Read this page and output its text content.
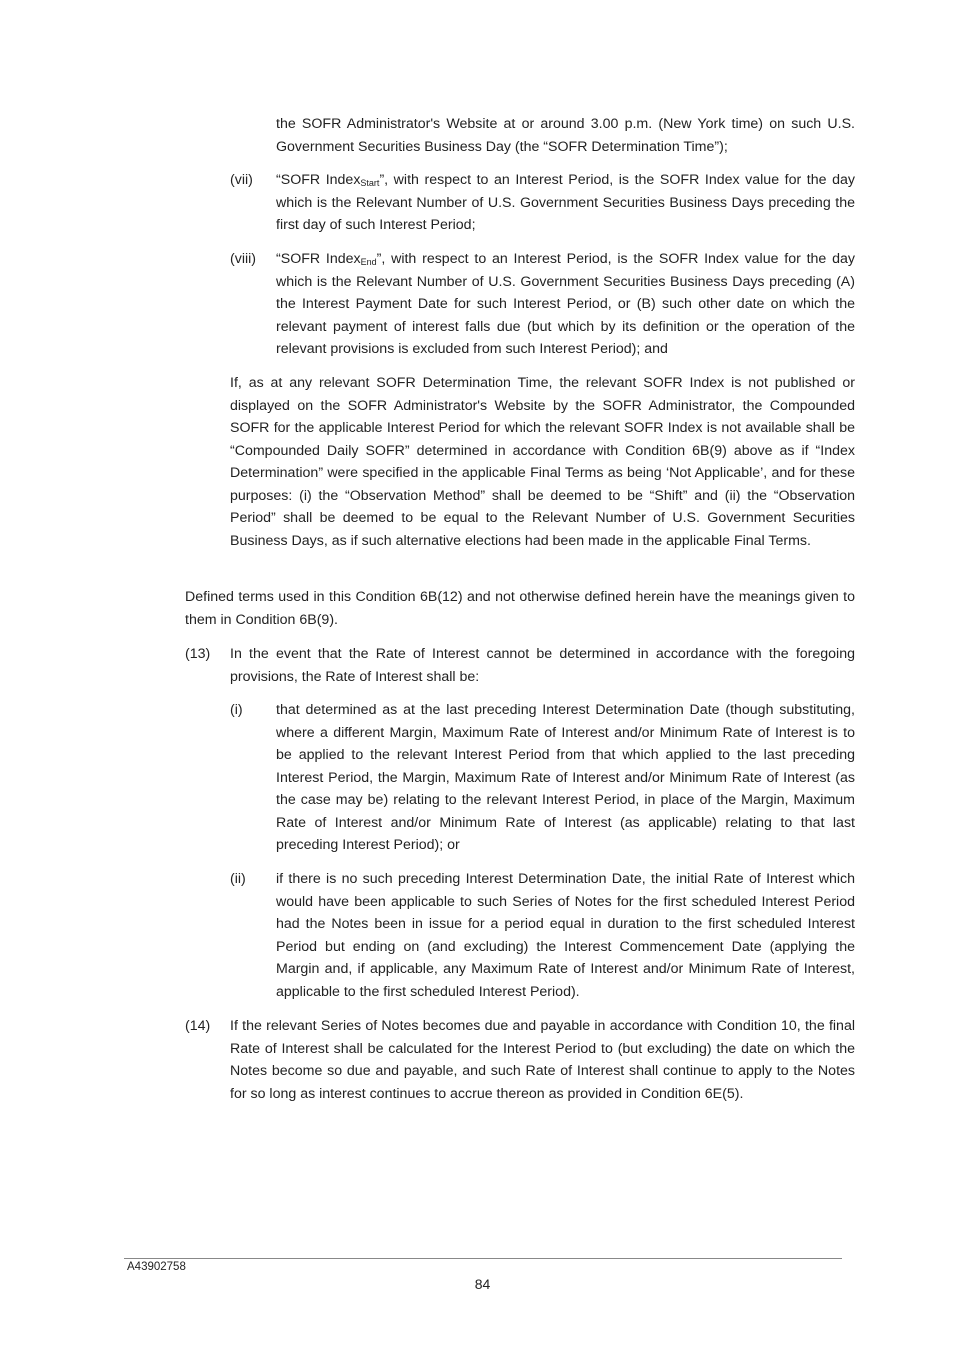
the SOFR Administrator's Website at or around 3.00 p.m. (New York time) on such U.S. Government Securities Business Day (the “SOFR Determination Time”);

(vii) “SOFR Index$_{Start}$”, with respect to an Interest Period, is the SOFR Index value for the day which is the Relevant Number of U.S. Government Securities Business Days preceding the first day of such Interest Period;

(viii) “SOFR Index$_{End}$”, with respect to an Interest Period, is the SOFR Index value for the day which is the Relevant Number of U.S. Government Securities Business Days preceding (A) the Interest Payment Date for such Interest Period, or (B) such other date on which the relevant payment of interest falls due (but which by its definition or the operation of the relevant provisions is excluded from such Interest Period); and

If, as at any relevant SOFR Determination Time, the relevant SOFR Index is not published or displayed on the SOFR Administrator's Website by the SOFR Administrator, the Compounded SOFR for the applicable Interest Period for which the relevant SOFR Index is not available shall be “Compounded Daily SOFR” determined in accordance with Condition 6B(9) above as if “Index Determination” were specified in the applicable Final Terms as being ‘Not Applicable’, and for these purposes: (i) the “Observation Method” shall be deemed to be “Shift” and (ii) the “Observation Period” shall be deemed to be equal to the Relevant Number of U.S. Government Securities Business Days, as if such alternative elections had been made in the applicable Final Terms.

Defined terms used in this Condition 6B(12) and not otherwise defined herein have the meanings given to them in Condition 6B(9).

(13) In the event that the Rate of Interest cannot be determined in accordance with the foregoing provisions, the Rate of Interest shall be:

(i) that determined as at the last preceding Interest Determination Date (though substituting, where a different Margin, Maximum Rate of Interest and/or Minimum Rate of Interest is to be applied to the relevant Interest Period from that which applied to the last preceding Interest Period, the Margin, Maximum Rate of Interest and/or Minimum Rate of Interest (as the case may be) relating to the relevant Interest Period, in place of the Margin, Maximum Rate of Interest and/or Minimum Rate of Interest (as applicable) relating to that last preceding Interest Period); or

(ii) if there is no such preceding Interest Determination Date, the initial Rate of Interest which would have been applicable to such Series of Notes for the first scheduled Interest Period had the Notes been in issue for a period equal in duration to the first scheduled Interest Period but ending on (and excluding) the Interest Commencement Date (applying the Margin and, if applicable, any Maximum Rate of Interest and/or Minimum Rate of Interest, applicable to the first scheduled Interest Period).

(14) If the relevant Series of Notes becomes due and payable in accordance with Condition 10, the final Rate of Interest shall be calculated for the Interest Period to (but excluding) the date on which the Notes become so due and payable, and such Rate of Interest shall continue to apply to the Notes for so long as interest continues to accrue thereon as provided in Condition 6E(5).

A43902758
84
